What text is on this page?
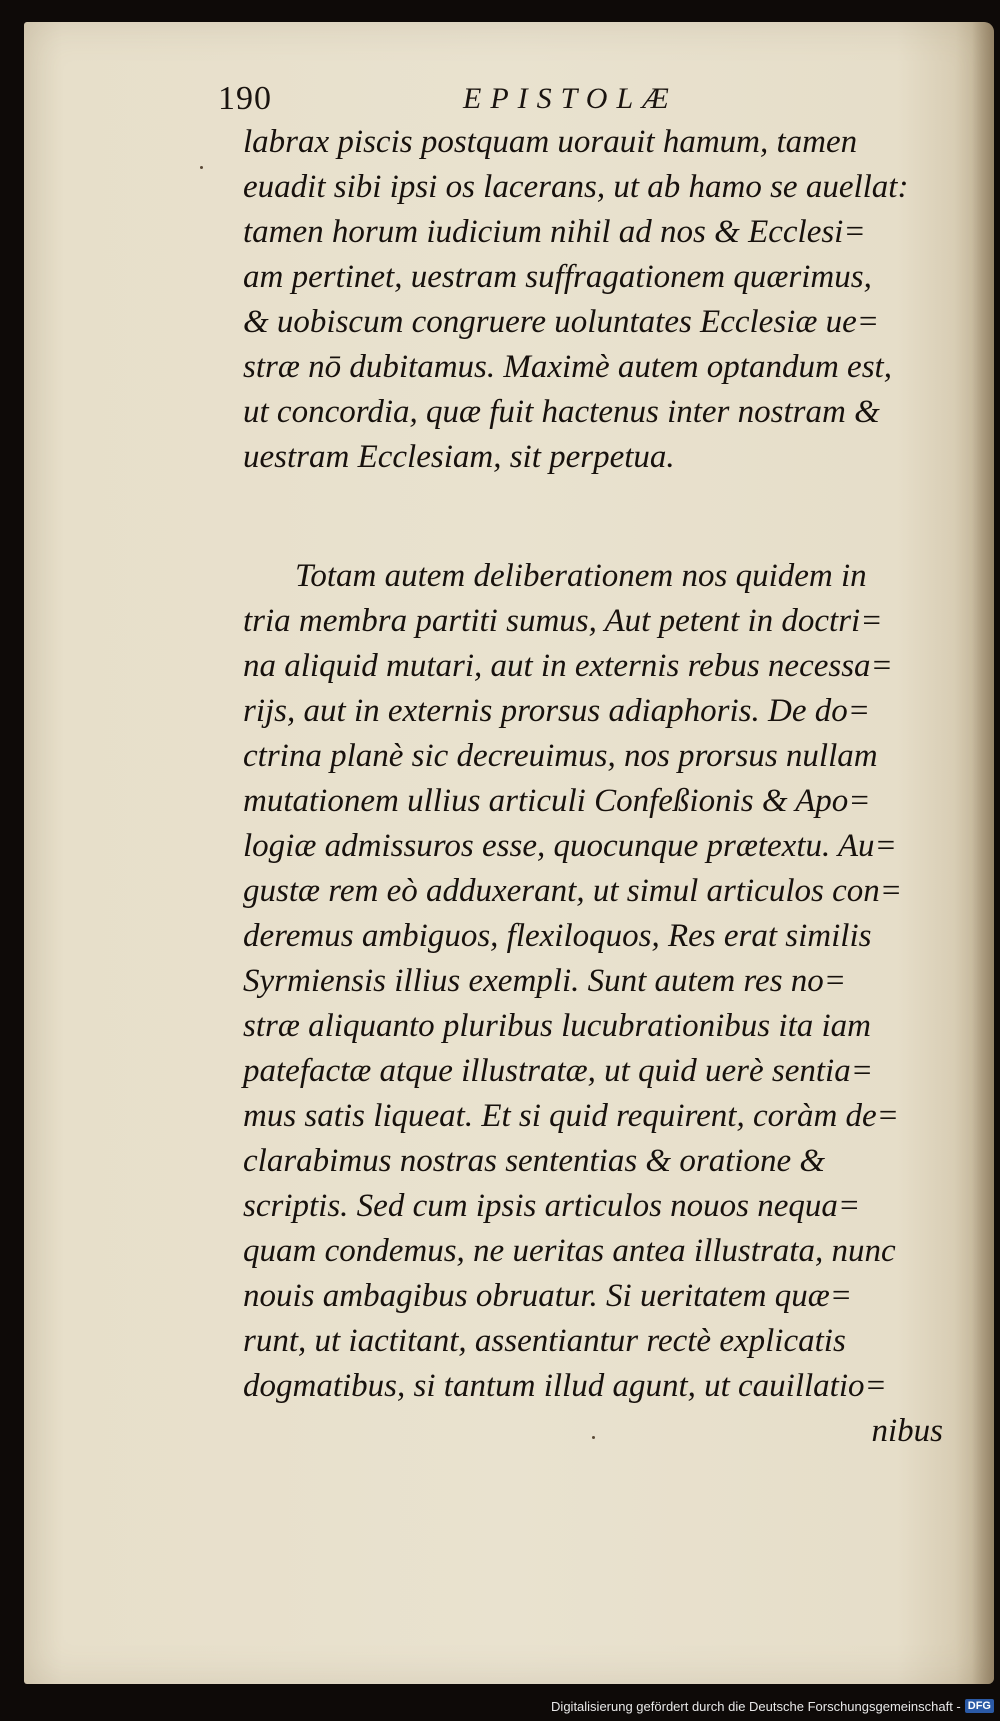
190	EPISTOLÆ
labrax piscis postquam uorauit hamum, tamen
euadit sibi ipsi os lacerans, ut ab hamo se auellat:
tamen horum iudicium nihil ad nos & Ecclesi=
am pertinet, uestram suffragationem quærimus,
& uobiscum congruere uoluntates Ecclesiæ ue=
stræ nō dubitamus. Maximè autem optandum est,
ut concordia, quæ fuit hactenus inter nostram &
uestram Ecclesiam, sit perpetua.
Totam autem deliberationem nos quidem in
tria membra partiti sumus, Aut petent in doctri=
na aliquid mutari, aut in externis rebus necessa=
rijs, aut in externis prorsus adiaphoris. De do=
ctrina planè sic decreuimus, nos prorsus nullam
mutationem ullius articuli Confeßionis & Apo=
logiæ admissuros esse, quocunque prætextu. Au=
gustæ rem eò adduxerant, ut simul articulos con=
deremus ambiguos, flexiloquos, Res erat similis
Syrmiensis illius exempli. Sunt autem res no=
stræ aliquanto pluribus lucubrationibus ita iam
patefactæ atque illustratæ, ut quid uerè sentia=
mus satis liqueat. Et si quid requirent, coràm de=
clarabimus nostras sententias & oratione &
scriptis. Sed cum ipsis articulos nouos nequa=
quam condemus, ne ueritas antea illustrata, nunc
nouis ambagibus obruatur. Si ueritatem quæ=
runt, ut iactitant, assentiantur rectè explicatis
dogmatibus, si tantum illud agunt, ut cauillatio=
nibus
Digitalisierung gefördert durch die Deutsche Forschungsgemeinschaft - DFG
